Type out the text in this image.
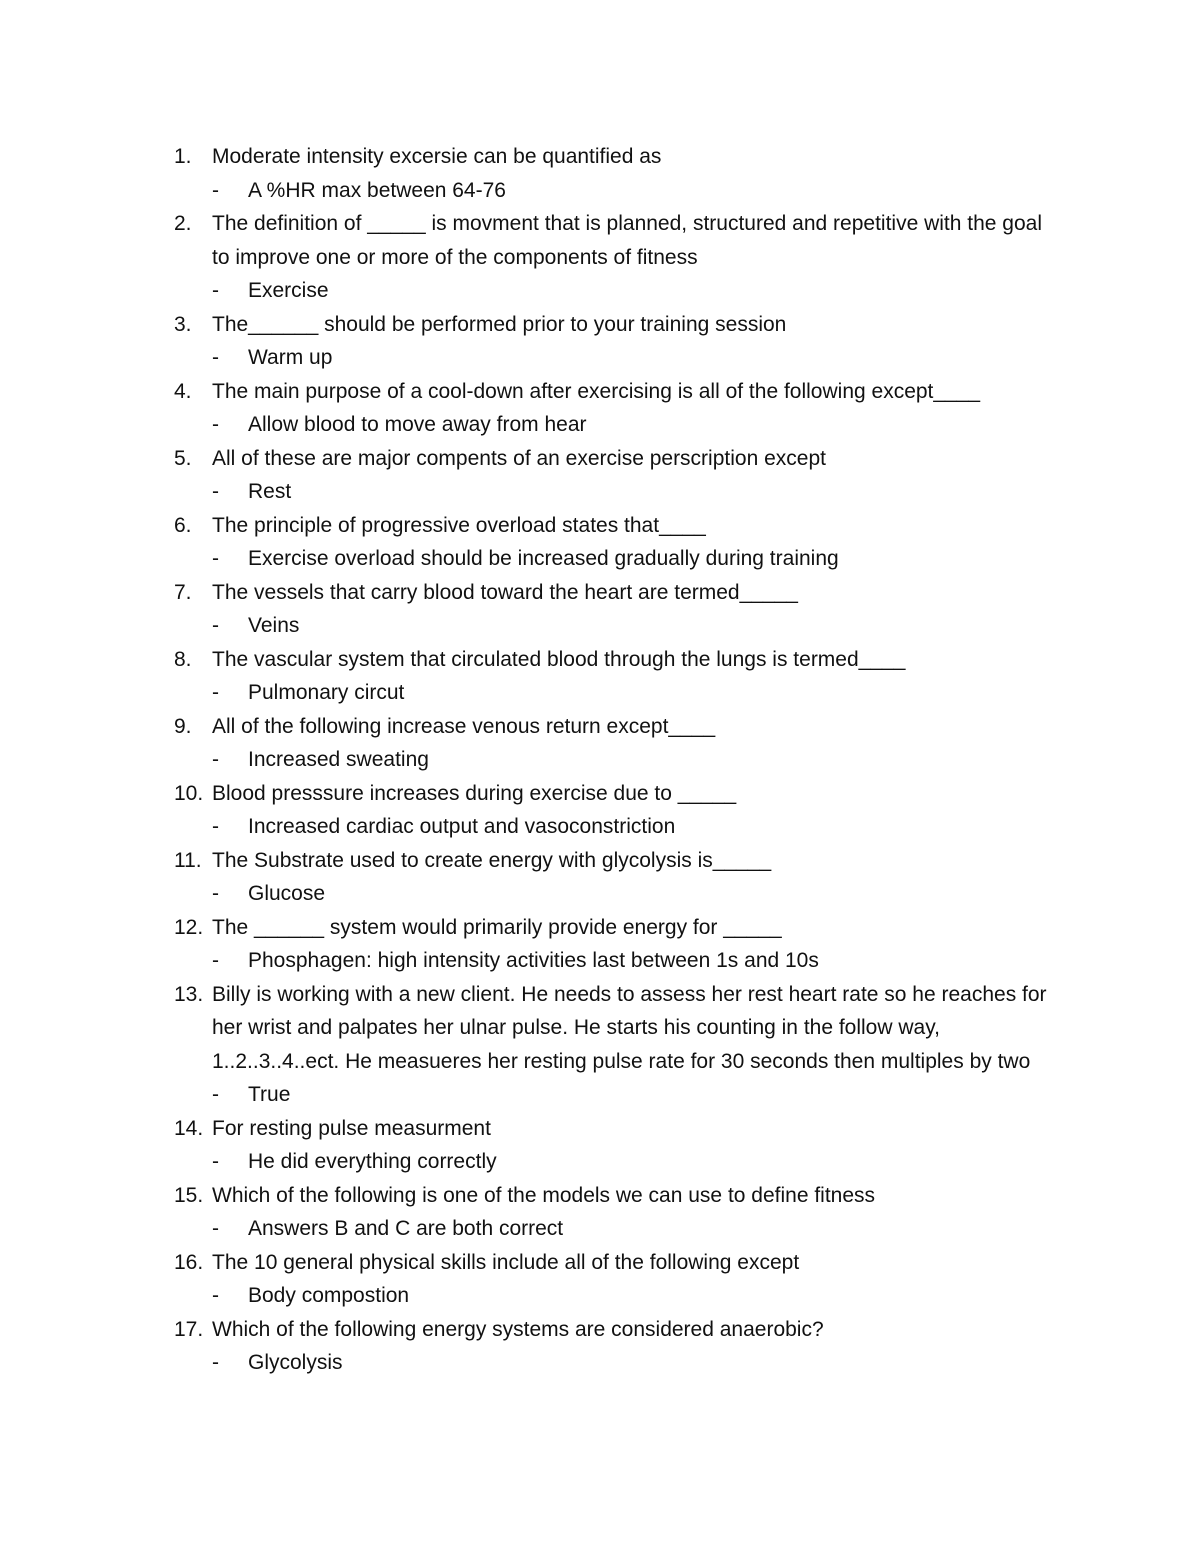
1. Moderate intensity excersie can be quantified as
-	A %HR max between 64-76
2. The definition of _____ is movment that is planned, structured and repetitive with the goal to improve one or more of the components of fitness
-	Exercise
3. The______ should be performed prior to your training session
-	Warm up
4. The main purpose of a cool-down after exercising is all of the following except____
-	Allow blood to move away from hear
5. All of these are major compents of an exercise perscription except
-	Rest
6. The principle of progressive overload states that____
-	Exercise overload should be increased gradually during training
7. The vessels that carry blood toward the heart are termed_____
-	Veins
8. The vascular system that circulated blood through the lungs is termed____
-	Pulmonary circut
9. All of the following increase venous return except____
-	Increased sweating
10. Blood presssure increases during exercise due to _____
-	Increased cardiac output and vasoconstriction
11. The Substrate used to create energy with glycolysis is_____
-	Glucose
12. The ______ system would primarily provide energy for _____
-	Phosphagen: high intensity activities last between 1s and 10s
13. Billy is working with a new client. He needs to assess her rest heart rate so he reaches for her wrist and palpates her ulnar pulse. He starts his counting in the follow way, 1..2..3..4..ect. He measueres her resting pulse rate for 30 seconds then multiples by two
-	True
14. For resting pulse measurment
-	He did everything correctly
15. Which of the following is one of the models we can use to define fitness
-	Answers B and C are both correct
16. The 10 general physical skills include all of the following except
-	Body compostion
17. Which of the following energy systems are considered anaerobic?
-	Glycolysis
